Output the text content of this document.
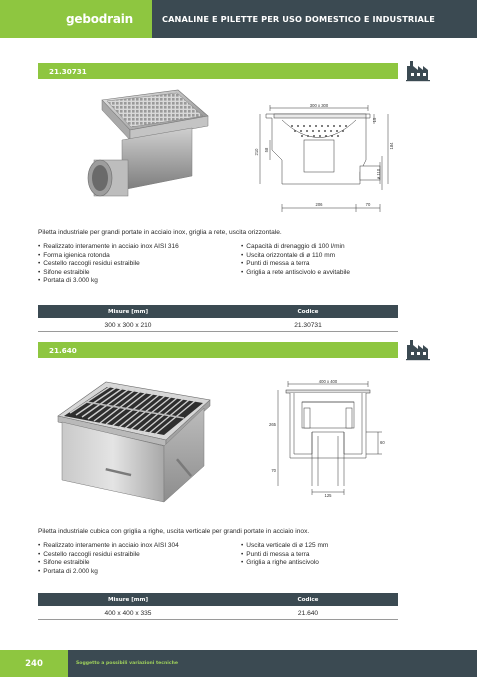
gebodrain	CANALINE E PILETTE PER USO DOMESTICO E INDUSTRIALE
21.30731
300 x 300
210 58
ø 110
184
15
206	70
Piletta industriale per grandi portate in acciaio inox, griglia a rete, uscita orizzontale.
• Realizzato interamente in acciaio inox AISI 316
• Forma igienica rotonda
• Cestello raccogli residui estraibile
• Sifone estraibile
• Portata di 3.000 kg
• Capacità di drenaggio di 100 l/min
• Uscita orizzontale di ø 110 mm
• Punti di messa a terra
• Griglia a rete antiscivolo e avvitabile
Misure [mm]	Codice
300 x 300 x 210	21.30731
21.640
400 x 400
265
60
70
125
Piletta industriale cubica con griglia a righe, uscita verticale per grandi portate in acciaio inox.
• Realizzato interamente in acciaio inox AISI 304
• Cestello raccogli residui estraibile
• Sifone estraibile
• Portata di 2.000 kg
• Uscita verticale di ø 125 mm
• Punti di messa a terra
• Griglia a righe antiscivolo
Misure [mm]	Codice
400 x 400 x 335	21.640
240	Soggetto a possibili variazioni tecniche
